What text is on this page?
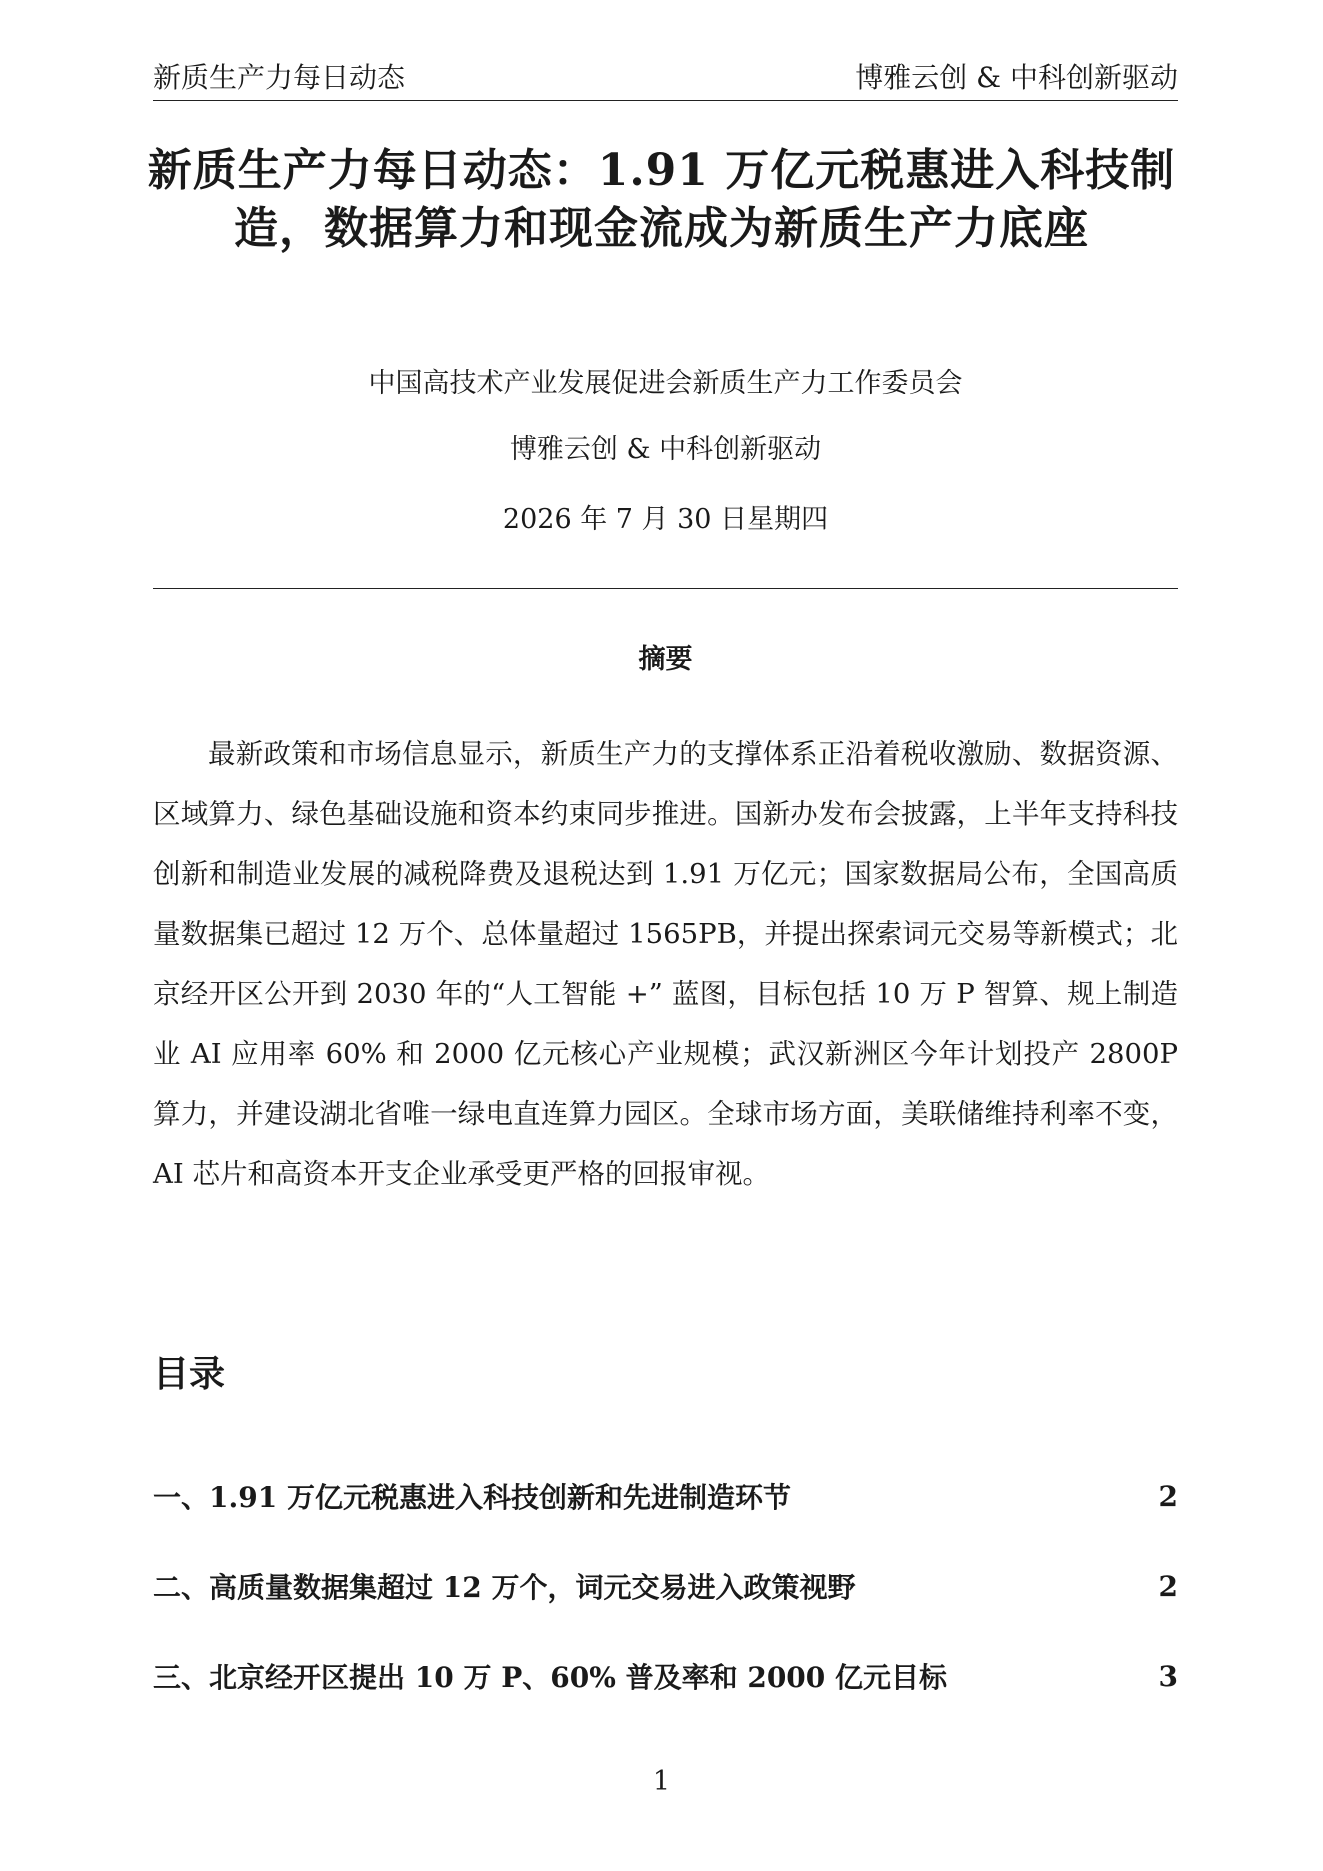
新质生产力每日动态	博雅云创 & 中科创新驱动
新质生产力每日动态：1.91 万亿元税惠进入科技制造，数据算力和现金流成为新质生产力底座
中国高技术产业发展促进会新质生产力工作委员会
博雅云创 & 中科创新驱动
2026 年 7 月 30 日星期四
摘要
最新政策和市场信息显示，新质生产力的支撑体系正沿着税收激励、数据资源、区域算力、绿色基础设施和资本约束同步推进。国新办发布会披露，上半年支持科技创新和制造业发展的减税降费及退税达到 1.91 万亿元；国家数据局公布，全国高质量数据集已超过 12 万个、总体量超过 1565PB，并提出探索词元交易等新模式；北京经开区公开到 2030 年的“人工智能 +” 蓝图，目标包括 10 万 P 智算、规上制造业 AI 应用率 60% 和 2000 亿元核心产业规模；武汉新洲区今年计划投产 2800P 算力，并建设湖北省唯一绿电直连算力园区。全球市场方面，美联储维持利率不变，AI 芯片和高资本开支企业承受更严格的回报审视。
目录
一、1.91 万亿元税惠进入科技创新和先进制造环节	2
二、高质量数据集超过 12 万个，词元交易进入政策视野	2
三、北京经开区提出 10 万 P、60% 普及率和 2000 亿元目标	3
1
